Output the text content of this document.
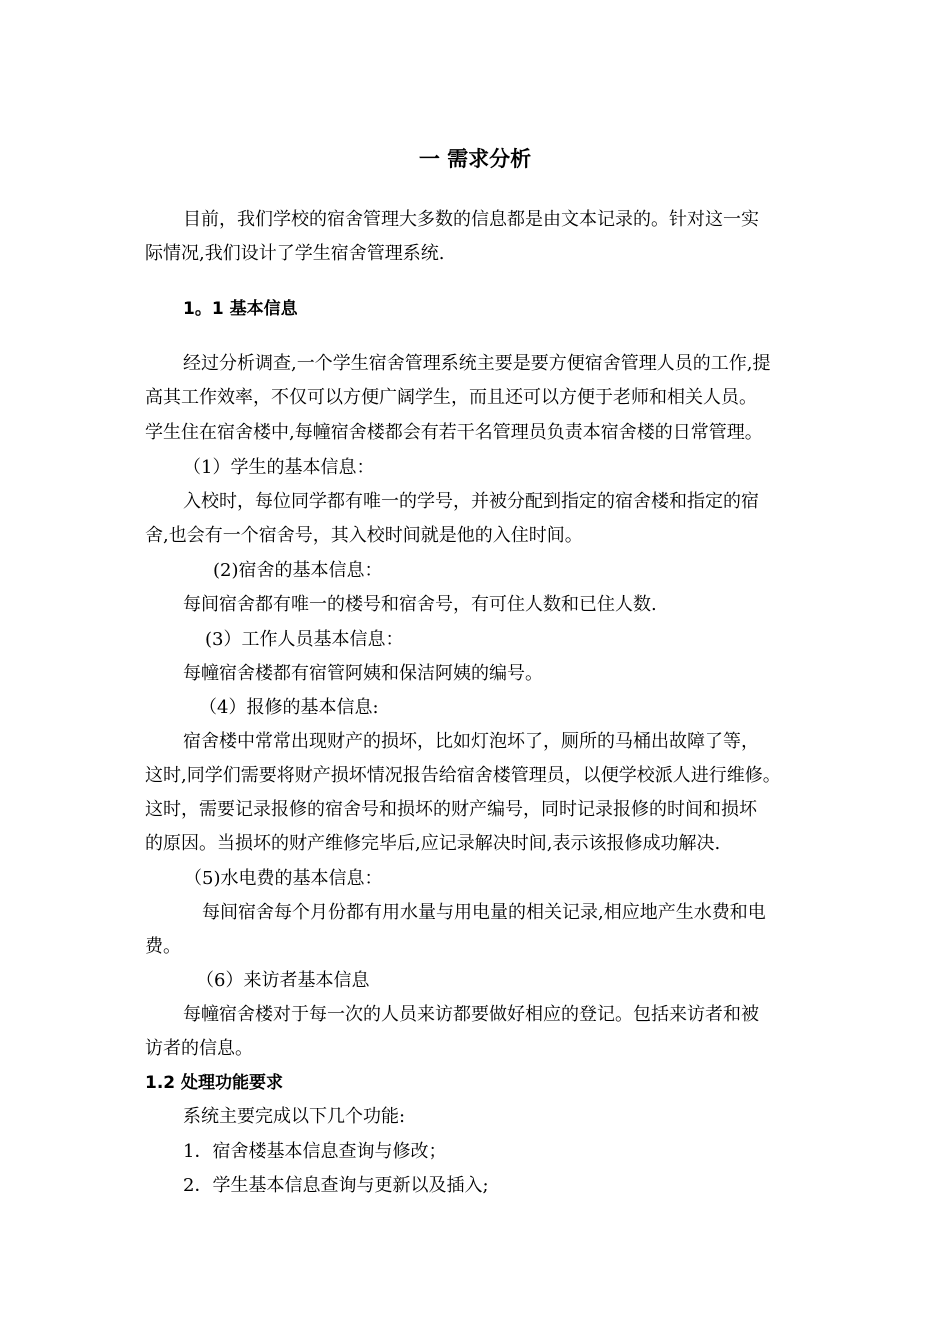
一 需求分析

目前，我们学校的宿舍管理大多数的信息都是由文本记录的。针对这一实

际情况,我们设计了学生宿舍管理系统.

1。1 基本信息

经过分析调查,一个学生宿舍管理系统主要是要方便宿舍管理人员的工作,提

高其工作效率，不仅可以方便广阔学生，而且还可以方便于老师和相关人员。

学生住在宿舍楼中,每幢宿舍楼都会有若干名管理员负责本宿舍楼的日常管理。

（1）学生的基本信息：

入校时，每位同学都有唯一的学号，并被分配到指定的宿舍楼和指定的宿

舍,也会有一个宿舍号，其入校时间就是他的入住时间。

(2)宿舍的基本信息：

每间宿舍都有唯一的楼号和宿舍号，有可住人数和已住人数.

(3）工作人员基本信息：

每幢宿舍楼都有宿管阿姨和保洁阿姨的编号。

（4）报修的基本信息:

宿舍楼中常常出现财产的损坏，比如灯泡坏了，厕所的马桶出故障了等，

这时,同学们需要将财产损坏情况报告给宿舍楼管理员，以便学校派人进行维修。

这时，需要记录报修的宿舍号和损坏的财产编号，同时记录报修的时间和损坏

的原因。当损坏的财产维修完毕后,应记录解决时间,表示该报修成功解决.

（5)水电费的基本信息：

每间宿舍每个月份都有用水量与用电量的相关记录,相应地产生水费和电

费。

（6）来访者基本信息

每幢宿舍楼对于每一次的人员来访都要做好相应的登记。包括来访者和被

访者的信息。

1.2 处理功能要求

系统主要完成以下几个功能:

1．宿舍楼基本信息查询与修改；

2．学生基本信息查询与更新以及插入;
